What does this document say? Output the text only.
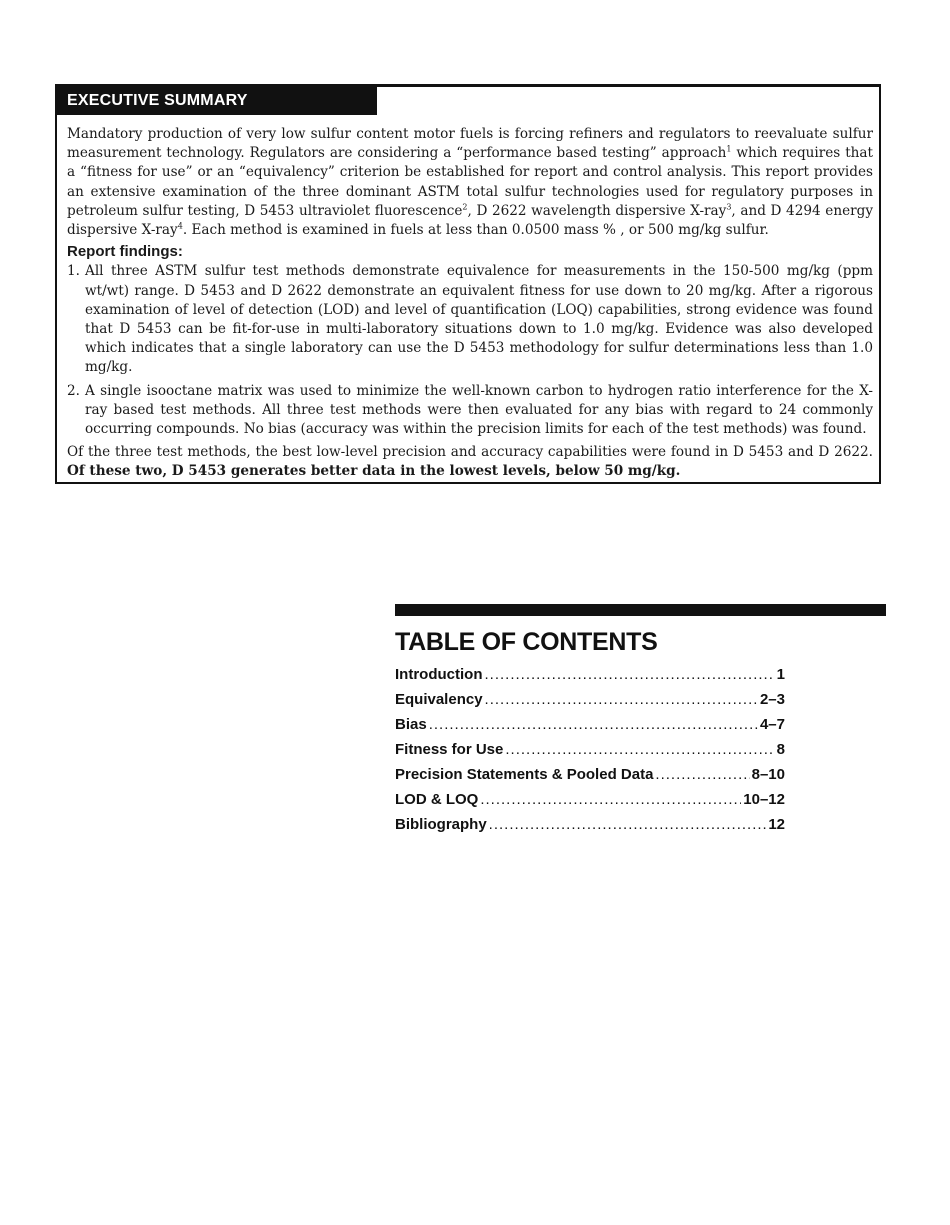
EXECUTIVE SUMMARY

Mandatory production of very low sulfur content motor fuels is forcing refiners and regulators to reevaluate sulfur measurement technology. Regulators are considering a “performance based testing” approach$^1$ which requires that a “fitness for use” or an “equivalency” criterion be established for report and control analysis. This report provides an extensive examination of the three dominant ASTM total sulfur technologies used for regulatory purposes in petroleum sulfur testing, D 5453 ultraviolet fluorescence$^2$, D 2622 wavelength dispersive X-ray$^3$, and D 4294 energy dispersive X-ray$^4$. Each method is examined in fuels at less than 0.0500 mass % , or 500 mg/kg sulfur.

Report findings:
1. All three ASTM sulfur test methods demonstrate equivalence for measurements in the 150-500 mg/kg (ppm wt/wt) range. D 5453 and D 2622 demonstrate an equivalent fitness for use down to 20 mg/kg. After a rigorous examination of level of detection (LOD) and level of quantification (LOQ) capabilities, strong evidence was found that D 5453 can be fit-for-use in multi-laboratory situations down to 1.0 mg/kg. Evidence was also developed which indicates that a single laboratory can use the D 5453 methodology for sulfur determinations less than 1.0 mg/kg.
2. A single isooctane matrix was used to minimize the well-known carbon to hydrogen ratio interference for the X-ray based test methods. All three test methods were then evaluated for any bias with regard to 24 commonly occurring compounds. No bias (accuracy was within the precision limits for each of the test methods) was found.

Of the three test methods, the best low-level precision and accuracy capabilities were found in D 5453 and D 2622. Of these two, D 5453 generates better data in the lowest levels, below 50 mg/kg.

TABLE OF CONTENTS
Introduction .....	1
Equivalency .....	2–3
Bias .....	4–7
Fitness for Use .....	8
Precision Statements & Pooled Data .....	8–10
LOD & LOQ .....	10–12
Bibliography .....	12
